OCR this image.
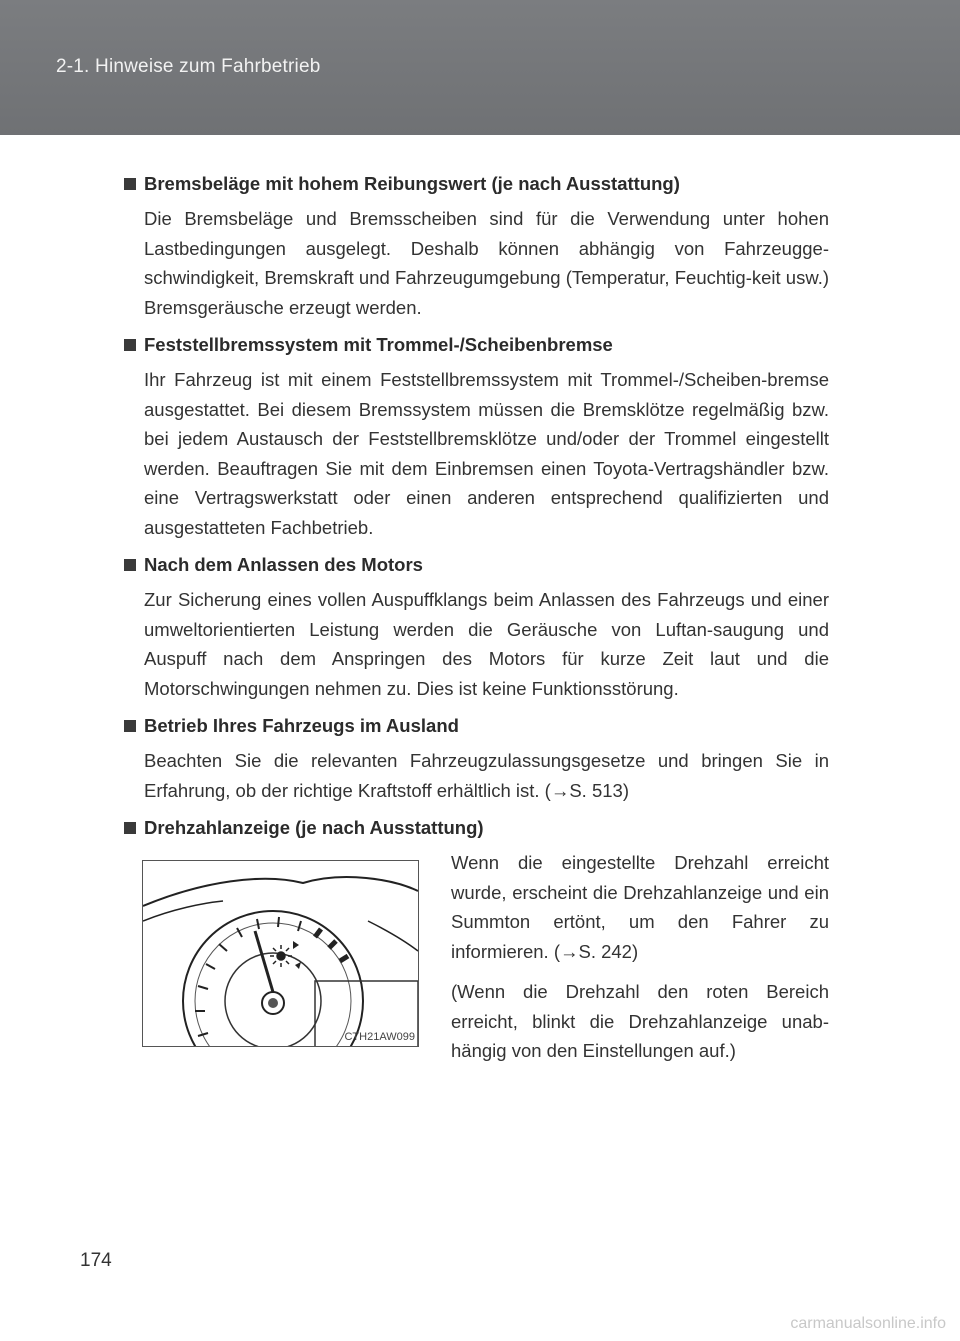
2-1. Hinweise zum Fahrbetrieb
Bremsbeläge mit hohem Reibungswert (je nach Ausstattung)

Die Bremsbeläge und Bremsscheiben sind für die Verwendung unter hohen Lastbedingungen ausgelegt. Deshalb können abhängig von Fahrzeugge-schwindigkeit, Bremskraft und Fahrzeugumgebung (Temperatur, Feuchtig-keit usw.) Bremsgeräusche erzeugt werden.

Feststellbremssystem mit Trommel-/Scheibenbremse

Ihr Fahrzeug ist mit einem Feststellbremssystem mit Trommel-/Scheiben-bremse ausgestattet. Bei diesem Bremssystem müssen die Bremsklötze regelmäßig bzw. bei jedem Austausch der Feststellbremsklötze und/oder der Trommel eingestellt werden. Beauftragen Sie mit dem Einbremsen einen Toyota-Vertragshändler bzw. eine Vertragswerkstatt oder einen anderen entsprechend qualifizierten und ausgestatteten Fachbetrieb.

Nach dem Anlassen des Motors

Zur Sicherung eines vollen Auspuffklangs beim Anlassen des Fahrzeugs und einer umweltorientierten Leistung werden die Geräusche von Luftan-saugung und Auspuff nach dem Anspringen des Motors für kurze Zeit laut und die Motorschwingungen nehmen zu. Dies ist keine Funktionsstörung.

Betrieb Ihres Fahrzeugs im Ausland

Beachten Sie die relevanten Fahrzeugzulassungsgesetze und bringen Sie in Erfahrung, ob der richtige Kraftstoff erhältlich ist. (→S. 513)

Drehzahlanzeige (je nach Ausstattung)
CTH21AW099

Wenn die eingestellte Drehzahl erreicht wurde, erscheint die Drehzahlanzeige und ein Summton ertönt, um den Fahrer zu informieren. (→S. 242)

(Wenn die Drehzahl den roten Bereich erreicht, blinkt die Drehzahlanzeige unab-hängig von den Einstellungen auf.)

174
carmanualsonline.info
